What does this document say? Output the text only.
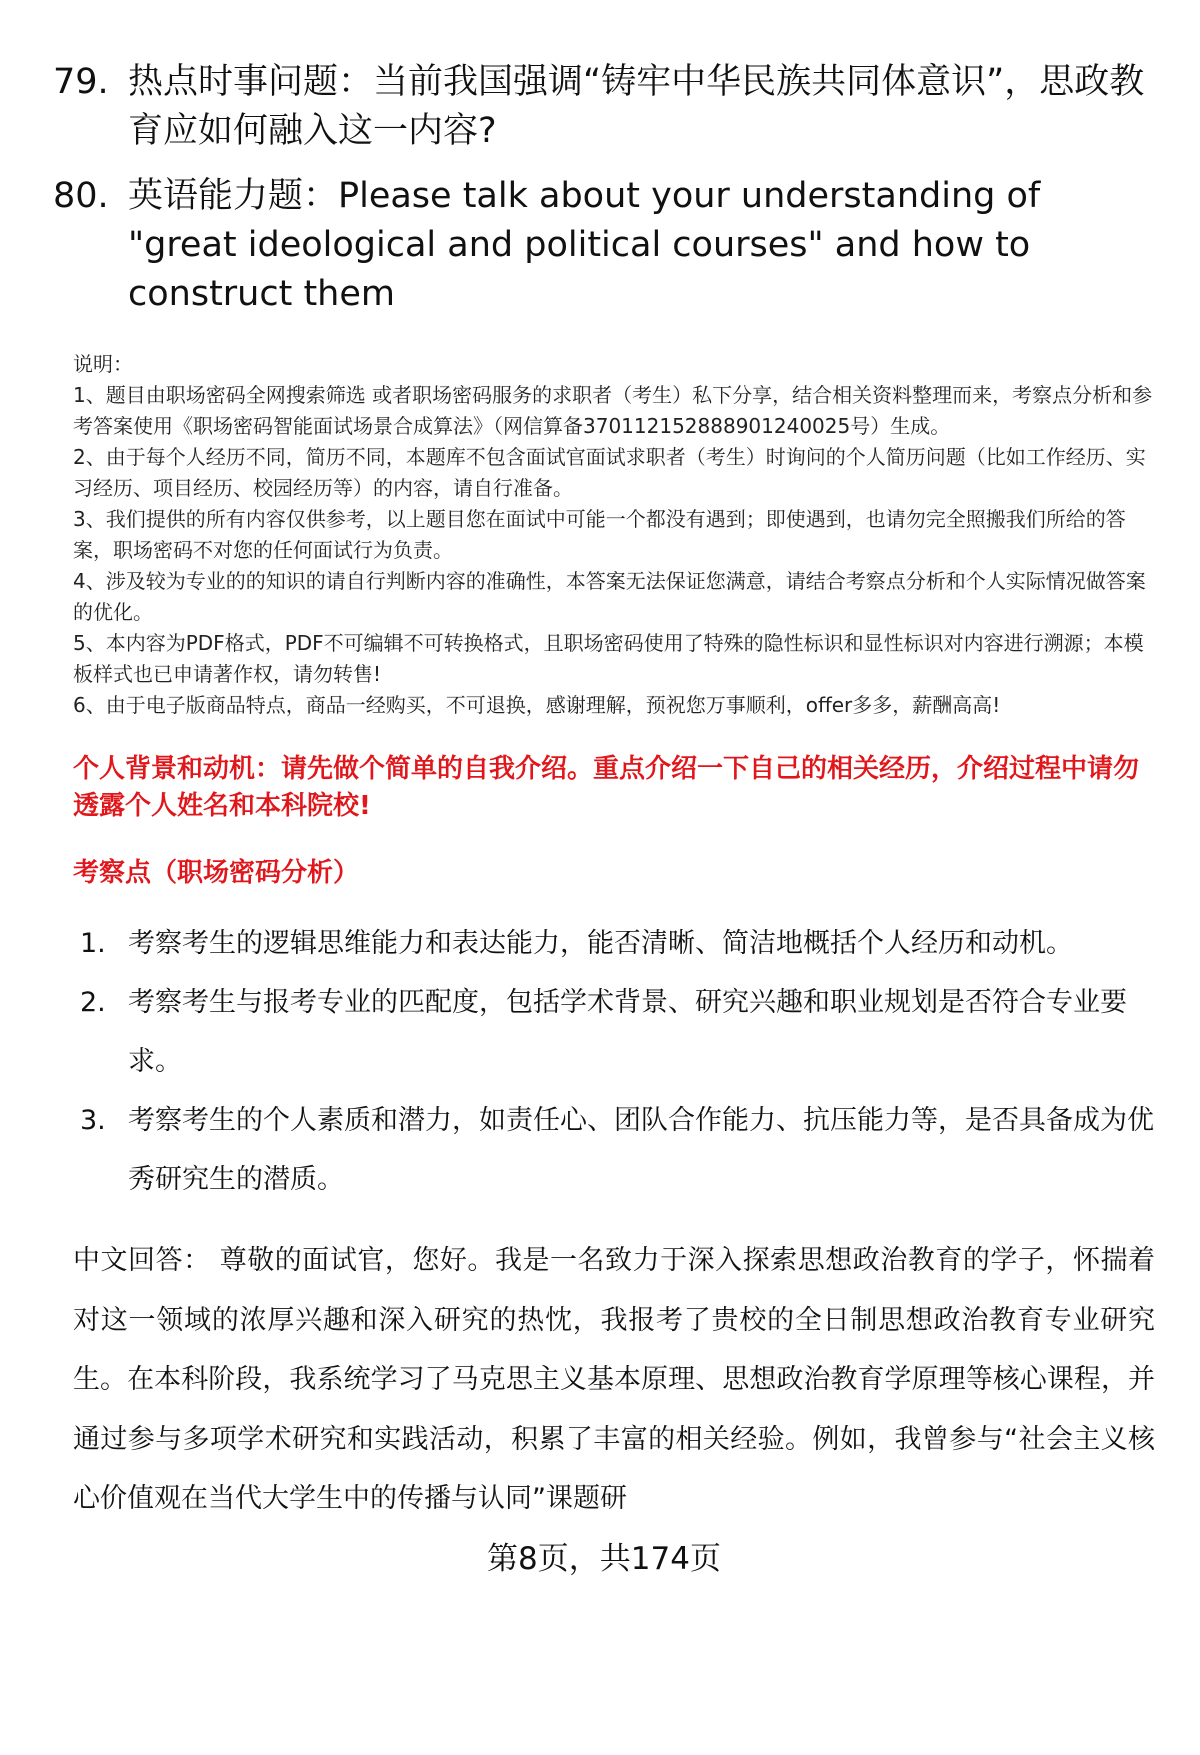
79. 热点时事问题：当前我国强调“铸牢中华民族共同体意识”，思政教育应如何融入这一内容?
80. 英语能力题：Please talk about your understanding of "great ideological and political courses" and how to construct them
说明：
1、题目由职场密码全网搜索筛选 或者职场密码服务的求职者（考生）私下分享，结合相关资料整理而来，考察点分析和参考答案使用《职场密码智能面试场景合成算法》（网信算备370112152888901240025号）生成。
2、由于每个人经历不同，简历不同，本题库不包含面试官面试求职者（考生）时询问的个人简历问题（比如工作经历、实习经历、项目经历、校园经历等）的内容，请自行准备。
3、我们提供的所有内容仅供参考，以上题目您在面试中可能一个都没有遇到；即使遇到，也请勿完全照搬我们所给的答案，职场密码不对您的任何面试行为负责。
4、涉及较为专业的的知识的请自行判断内容的准确性，本答案无法保证您满意，请结合考察点分析和个人实际情况做答案的优化。
5、本内容为PDF格式，PDF不可编辑不可转换格式，且职场密码使用了特殊的隐性标识和显性标识对内容进行溯源；本模板样式也已申请著作权，请勿转售!
6、由于电子版商品特点，商品一经购买，不可退换，感谢理解，预祝您万事顺利，offer多多，薪酬高高!
个人背景和动机：请先做个简单的自我介绍。重点介绍一下自己的相关经历，介绍过程中请勿透露个人姓名和本科院校!
考察点（职场密码分析）
1. 考察考生的逻辑思维能力和表达能力，能否清晰、简洁地概括个人经历和动机。
2. 考察考生与报考专业的匹配度，包括学术背景、研究兴趣和职业规划是否符合专业要求。
3. 考察考生的个人素质和潜力，如责任心、团队合作能力、抗压能力等，是否具备成为优秀研究生的潜质。
中文回答： 尊敬的面试官，您好。我是一名致力于深入探索思想政治教育的学子，怀揣着对这一领域的浓厚兴趣和深入研究的热忱，我报考了贵校的全日制思想政治教育专业研究生。在本科阶段，我系统学习了马克思主义基本原理、思想政治教育学原理等核心课程，并通过参与多项学术研究和实践活动，积累了丰富的相关经验。例如，我曾参与“社会主义核心价值观在当代大学生中的传播与认同”课题研
第8页，共174页
